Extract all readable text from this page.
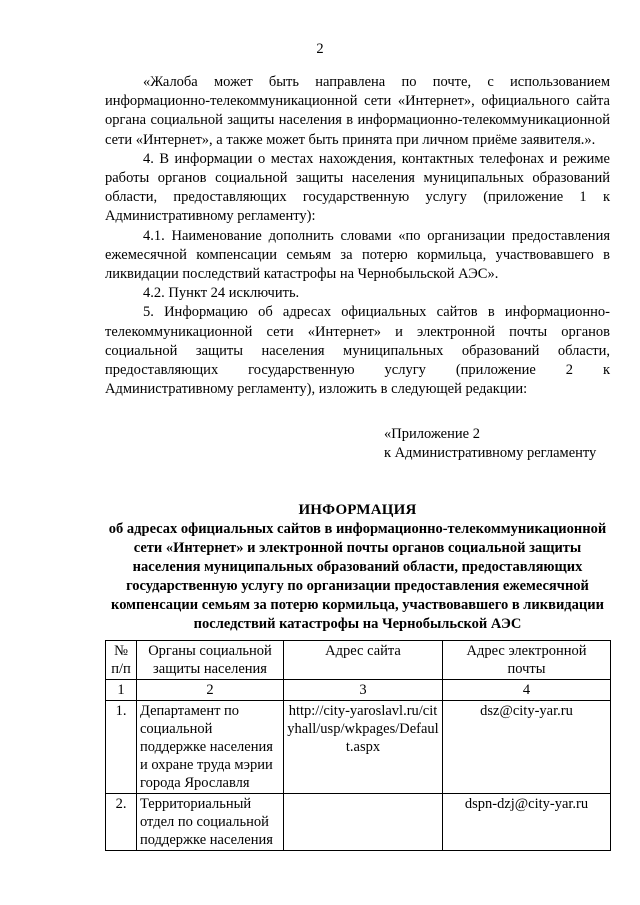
2

«Жалоба может быть направлена по почте, с использованием информационно-телекоммуникационной сети «Интернет», официального сайта органа социальной защиты населения в информационно-телекоммуникационной сети «Интернет», а также может быть принята при личном приёме заявителя.».

4. В информации о местах нахождения, контактных телефонах и режиме работы органов социальной защиты населения муниципальных образований области, предоставляющих государственную услугу (приложение 1 к Административному регламенту):

4.1. Наименование дополнить словами «по организации предоставления ежемесячной компенсации семьям за потерю кормильца, участвовавшего в ликвидации последствий катастрофы на Чернобыльской АЭС».

4.2. Пункт 24 исключить.

5. Информацию об адресах официальных сайтов в информационно-телекоммуникационной сети «Интернет» и электронной почты органов социальной защиты населения муниципальных образований области, предоставляющих государственную услугу (приложение 2 к Административному регламенту), изложить в следующей редакции:

«Приложение 2
к Административному регламенту
ИНФОРМАЦИЯ
об адресах официальных сайтов в информационно-телекоммуникационной сети «Интернет» и электронной почты органов социальной защиты населения муниципальных образований области, предоставляющих государственную услугу по организации предоставления ежемесячной компенсации семьям за потерю кормильца, участвовавшего в ликвидации последствий катастрофы на Чернобыльской АЭС
№ п/п	Органы социальной защиты населения	Адрес сайта	Адрес электронной почты
1	2	3	4
1.	Департамент по социальной поддержке населения и охране труда мэрии города Ярославля	http://city-yaroslavl.ru/cityhall/usp/wkpages/Default.aspx	dsz@city-yar.ru
2.	Территориальный отдел по социальной поддержке населения		dspn-dzj@city-yar.ru
